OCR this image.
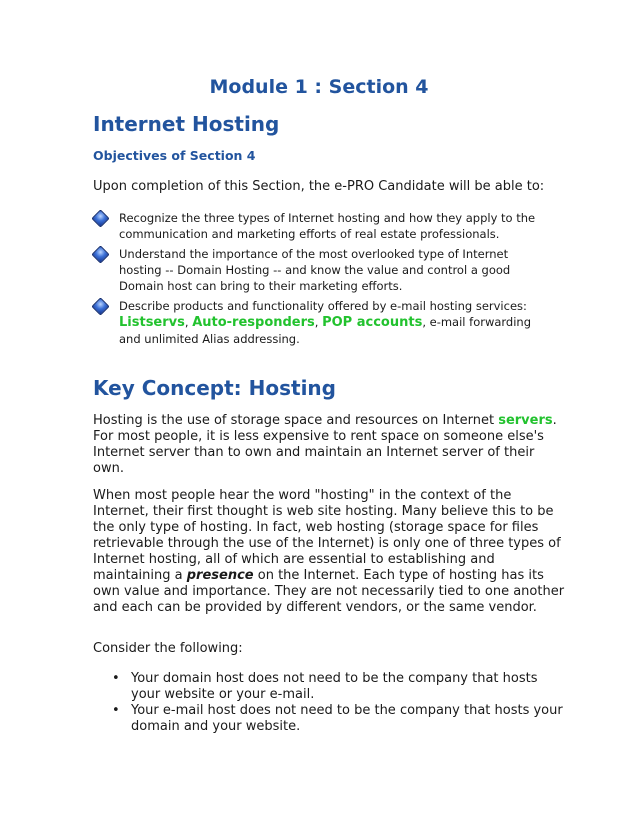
Module 1 : Section 4
Internet Hosting
Objectives of Section 4

Upon completion of this Section, the e-PRO Candidate will be able to:

Recognize the three types of Internet hosting and how they apply to the communication and marketing efforts of real estate professionals.
Understand the importance of the most overlooked type of Internet hosting -- Domain Hosting -- and know the value and control a good Domain host can bring to their marketing efforts.
Describe products and functionality offered by e-mail hosting services:
Listservs, Auto-responders, POP accounts, e-mail forwarding and unlimited Alias addressing.
Key Concept: Hosting

Hosting is the use of storage space and resources on Internet servers. For most people, it is less expensive to rent space on someone else's Internet server than to own and maintain an Internet server of their own.

When most people hear the word "hosting" in the context of the Internet, their first thought is web site hosting. Many believe this to be the only type of hosting. In fact, web hosting (storage space for files retrievable through the use of the Internet) is only one of three types of Internet hosting, all of which are essential to establishing and maintaining a presence on the Internet. Each type of hosting has its own value and importance. They are not necessarily tied to one another and each can be provided by different vendors, or the same vendor.

Consider the following:

• Your domain host does not need to be the company that hosts your website or your e-mail.
• Your e-mail host does not need to be the company that hosts your domain and your website.
